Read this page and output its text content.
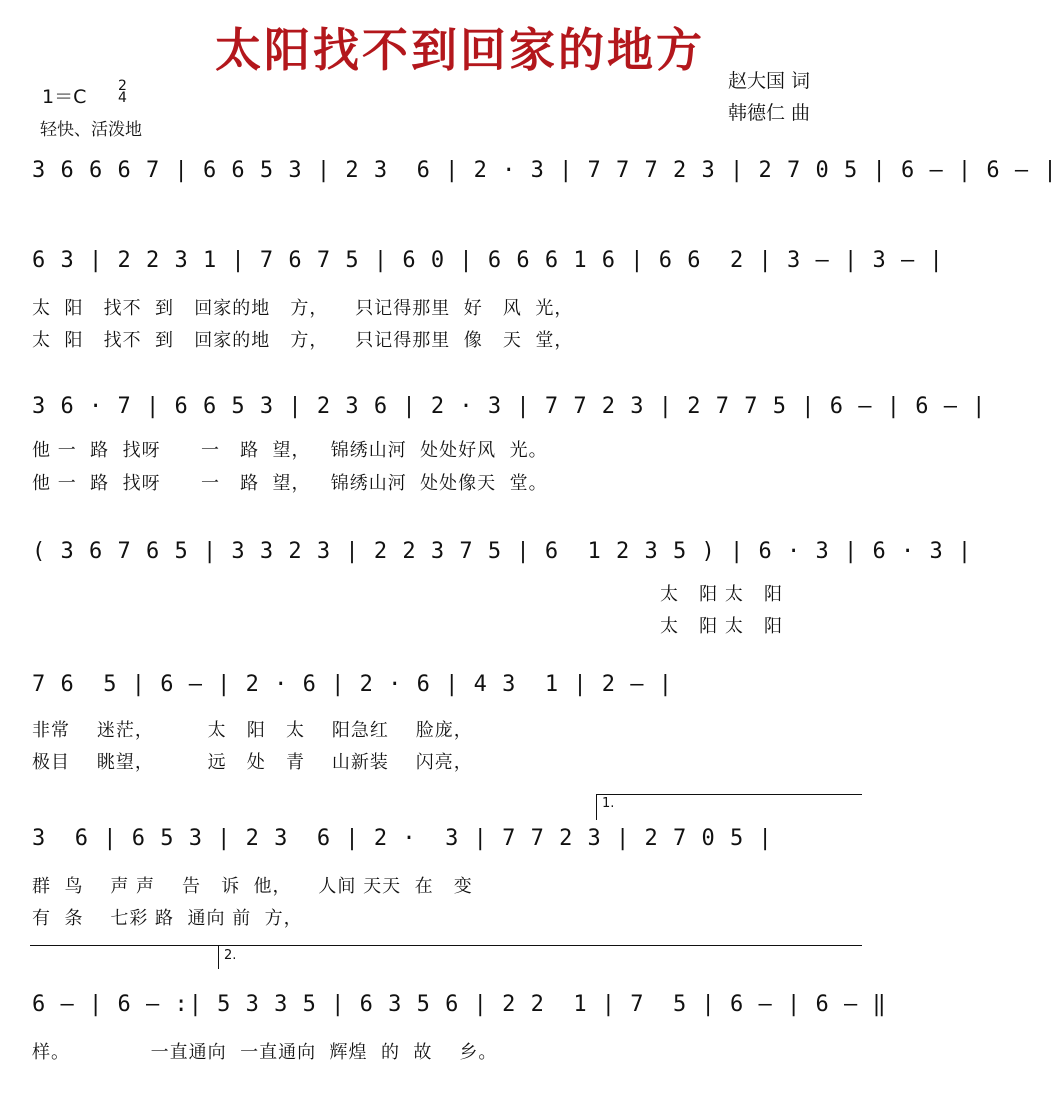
太阳找不到回家的地方
1＝C 2
4
轻快、活泼地
赵大国 词
韩德仁 曲
3 6 6 6 7 | 6 6 5 3 | 2 3  6 | 2 · 3 | 7 7 7 2 3 | 2 7 0 5 | 6 — | 6 — |
6 3 | 2 2 3 1 | 7 6 7 5 | 6 0 | 6 6 6 1 6 | 6 6  2 | 3 — | 3 — |
太  阳   找不  到   回家的地   方，    只记得那里  好   风  光，
太  阳   找不  到   回家的地   方，    只记得那里  像   天  堂，
3 6 · 7 | 6 6 5 3 | 2 3 6 | 2 · 3 | 7 7 2 3 | 2 7 7 5 | 6 — | 6 — |
他 一  路  找呀      一   路  望，   锦绣山河  处处好风  光。
他 一  路  找呀      一   路  望，   锦绣山河  处处像天  堂。
( 3 6 7 6 5 | 3 3 2 3 | 2 2 3 7 5 | 6  1 2 3 5 ) | 6 · 3 | 6 · 3 |
太   阳 太   阳
太   阳 太   阳
7 6  5 | 6 — | 2 · 6 | 2 · 6 | 4 3  1 | 2 — |
非常    迷茫，        太   阳   太    阳急红    脸庞，
极目    眺望，        远   处   青    山新装    闪亮，
1.
3  6 | 6 5 3 | 2 3  6 | 2 ·  3 | 7 7 2 3 | 2 7 0 5 |
群  鸟    声 声    告   诉  他，    人间 天天  在   变
有  条    七彩 路  通向 前  方，
2.
6 — | 6 — :| 5 3 3 5 | 6 3 5 6 | 2 2  1 | 7  5 | 6 — | 6 — ‖
样。            一直通向  一直通向  辉煌  的  故    乡。
